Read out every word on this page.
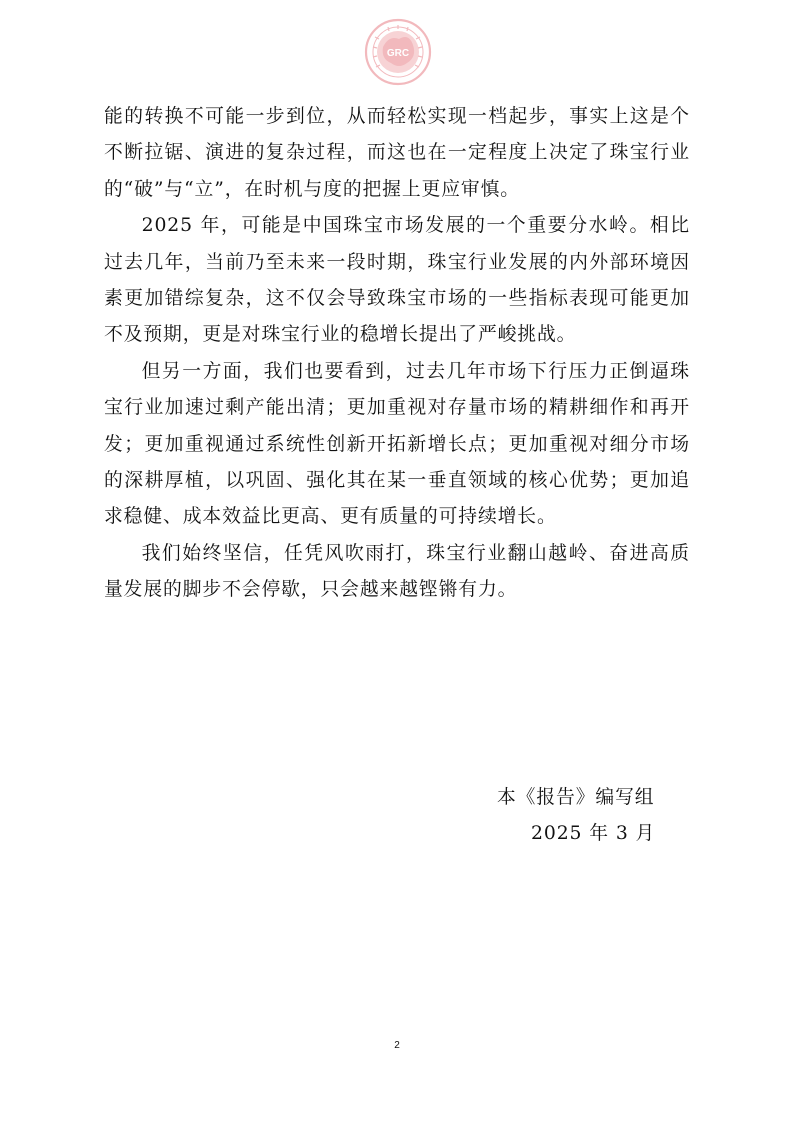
GRC

能的转换不可能一步到位，从而轻松实现一档起步，事实上这是个不断拉锯、演进的复杂过程，而这也在一定程度上决定了珠宝行业的“破”与“立”，在时机与度的把握上更应审慎。

2025 年，可能是中国珠宝市场发展的一个重要分水岭。相比过去几年，当前乃至未来一段时期，珠宝行业发展的内外部环境因素更加错综复杂，这不仅会导致珠宝市场的一些指标表现可能更加不及预期，更是对珠宝行业的稳增长提出了严峻挑战。

但另一方面，我们也要看到，过去几年市场下行压力正倒逼珠宝行业加速过剩产能出清；更加重视对存量市场的精耕细作和再开发；更加重视通过系统性创新开拓新增长点；更加重视对细分市场的深耕厚植，以巩固、强化其在某一垂直领域的核心优势；更加追求稳健、成本效益比更高、更有质量的可持续增长。

我们始终坚信，任凭风吹雨打，珠宝行业翻山越岭、奋进高质量发展的脚步不会停歇，只会越来越铿锵有力。

本《报告》编写组
2025 年 3 月
2
